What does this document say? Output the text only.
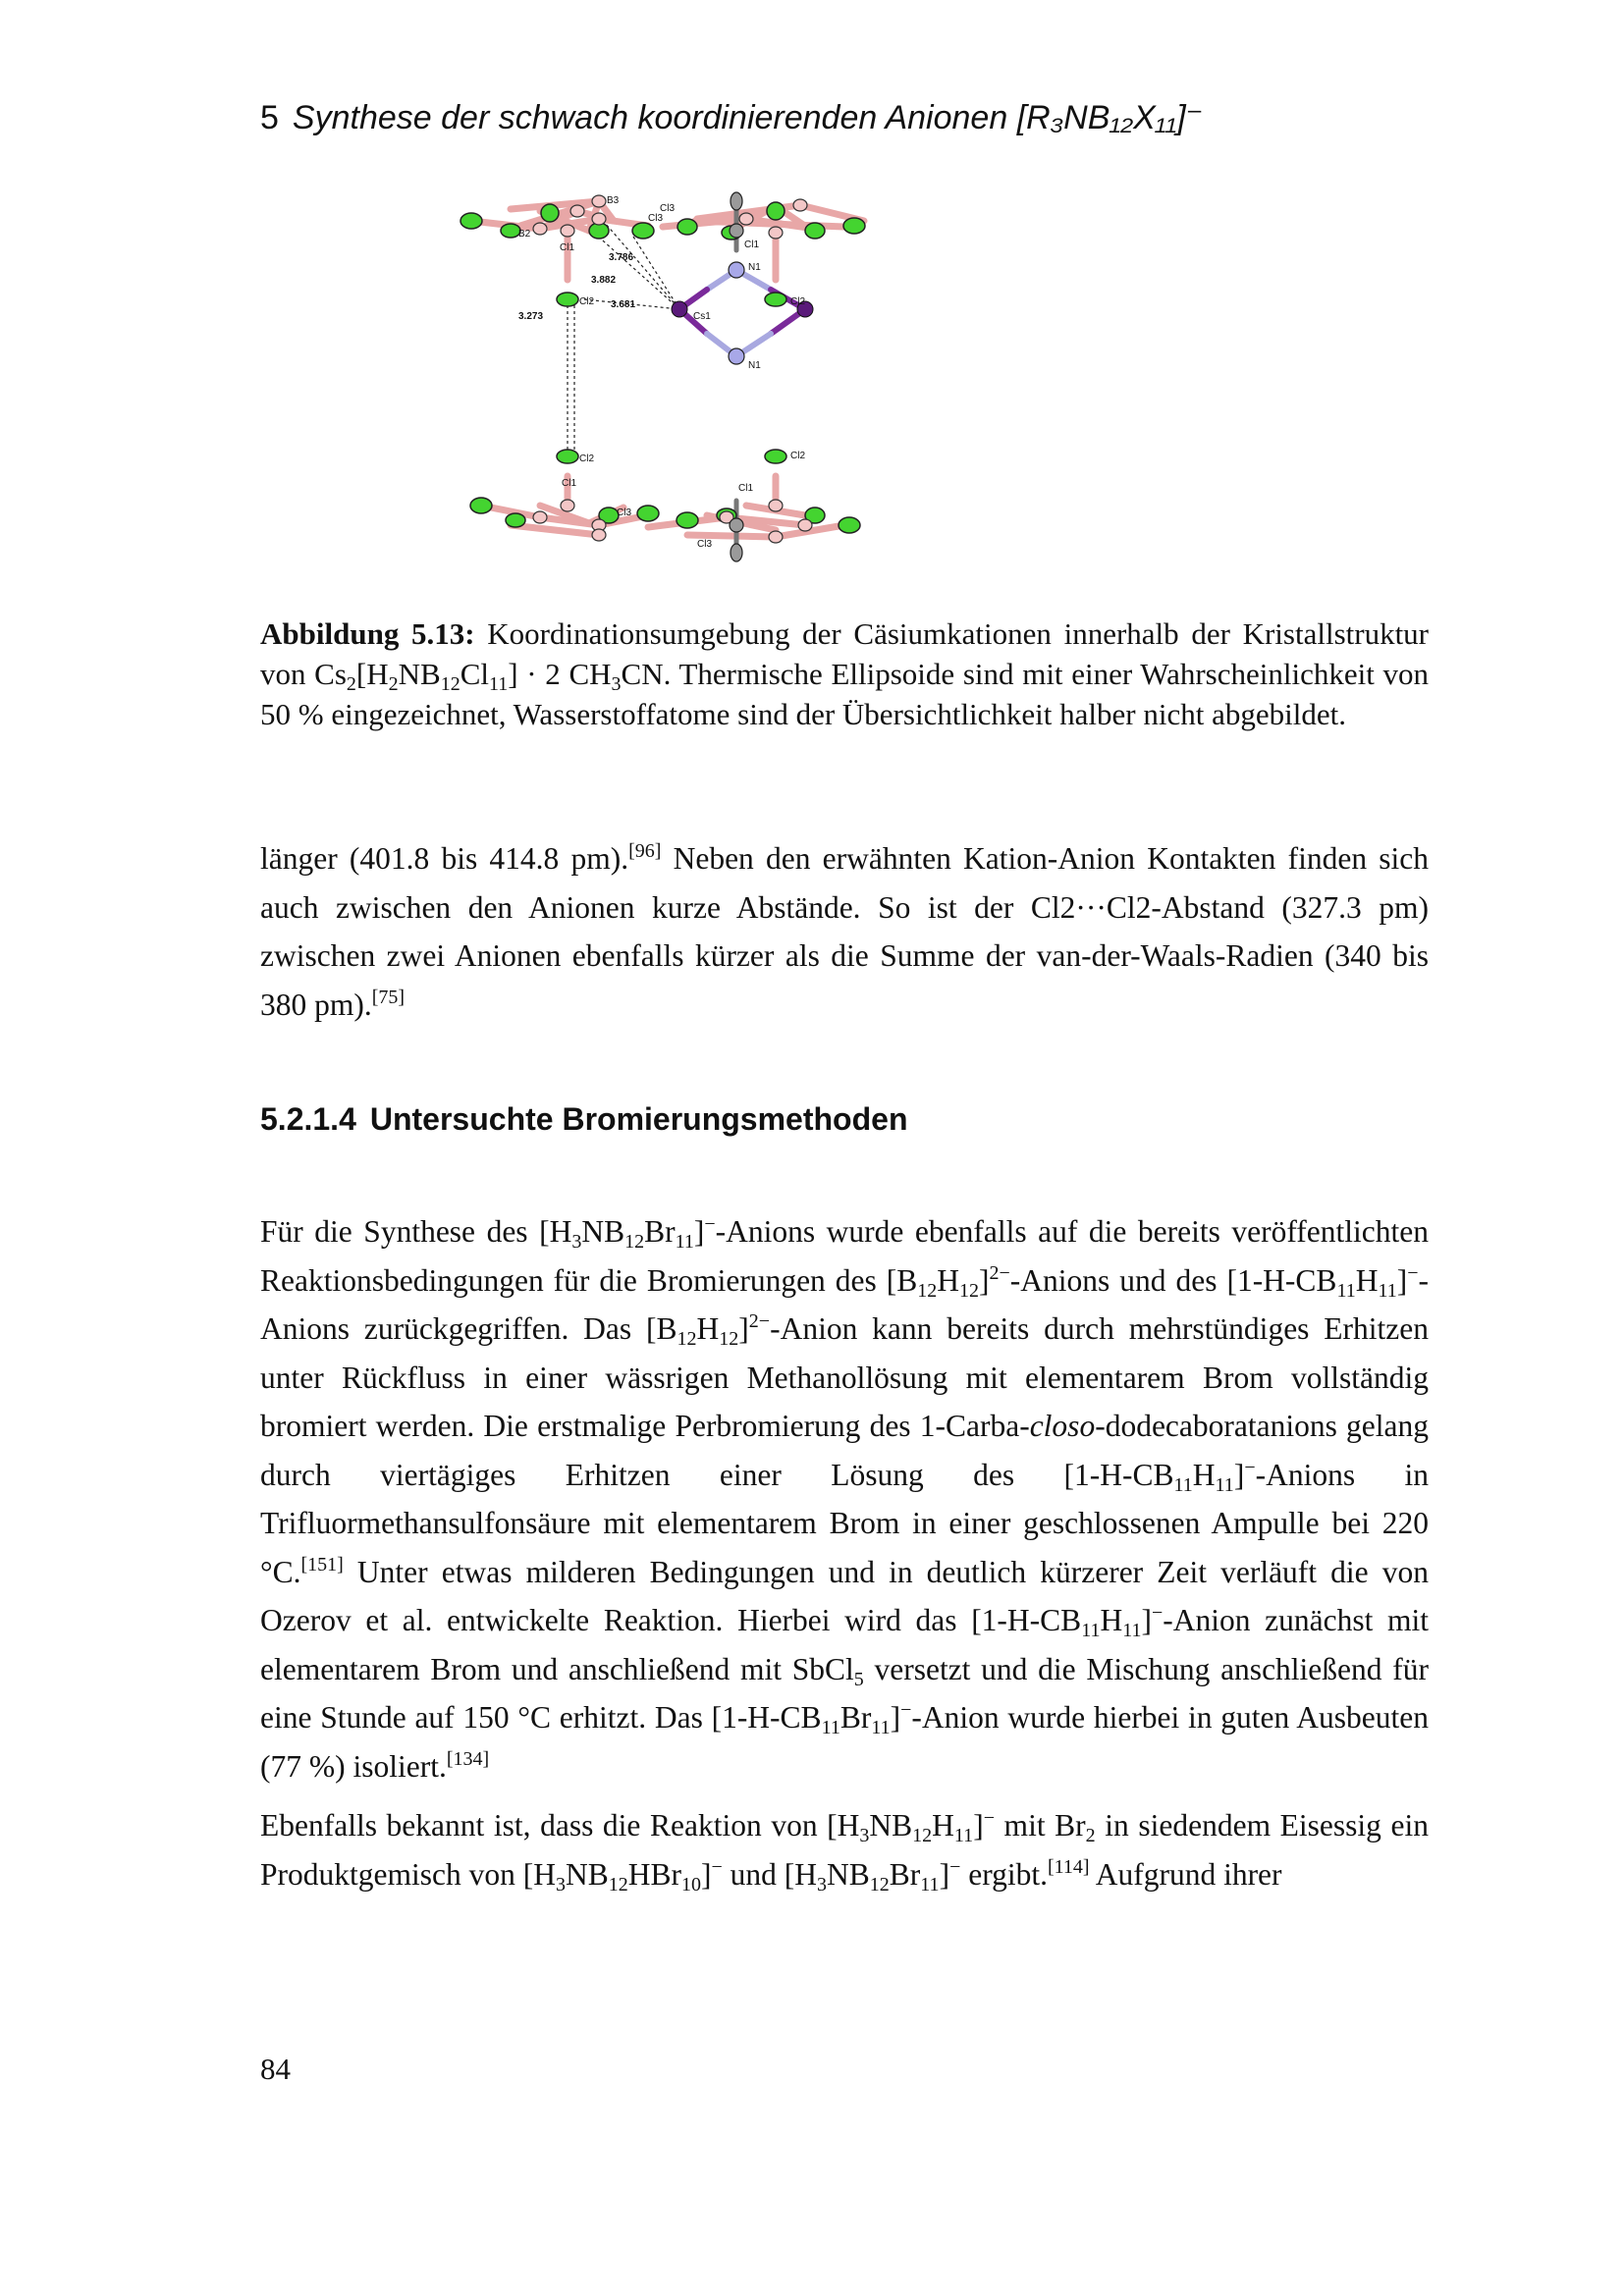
5 Synthese der schwach koordinierenden Anionen [R₃NB₁₂X₁₁]⁻
B3
B2
Cl3
Cl1
Cl2
N1
Cs1
N1
3.786
3.882
3.681
3.273
Cl3
Cl1
Cl2
Cl2
Cl1
Cl3
Cl2
Cl1
Cl3
Abbildung 5.13: Koordinationsumgebung der Cäsiumkationen innerhalb der Kristallstruktur von $Cs_2[H_2NB_{12}Cl_{11}] \cdot 2$ $CH_3CN$. Thermische Ellipsoide sind mit einer Wahrscheinlichkeit von 50 % eingezeichnet, Wasserstoffatome sind der Übersichtlichkeit halber nicht abgebildet.
länger (401.8 bis 414.8 pm).[96] Neben den erwähnten Kation-Anion Kontakten finden sich auch zwischen den Anionen kurze Abstände. So ist der Cl2···Cl2-Abstand (327.3 pm) zwischen zwei Anionen ebenfalls kürzer als die Summe der van-der-Waals-Radien (340 bis 380 pm).[75]
5.2.1.4 Untersuchte Bromierungsmethoden
Für die Synthese des $[H_3NB_{12}Br_{11}]^-$-Anions wurde ebenfalls auf die bereits veröffentlichten Reaktionsbedingungen für die Bromierungen des $[B_{12}H_{12}]^{2-}$-Anions und des $[1-H-CB_{11}H_{11}]^-$-Anions zurückgegriffen. Das $[B_{12}H_{12}]^{2-}$-Anion kann bereits durch mehrstündiges Erhitzen unter Rückfluss in einer wässrigen Methanollösung mit elementarem Brom vollständig bromiert werden. Die erstmalige Perbromierung des 1-Carba-closo-dodecaboratanions gelang durch viertägiges Erhitzen einer Lösung des $[1-H-CB_{11}H_{11}]^-$-Anions in Trifluormethansulfonsäure mit elementarem Brom in einer geschlossenen Ampulle bei 220 °C.[151] Unter etwas milderen Bedingungen und in deutlich kürzerer Zeit verläuft die von Ozerov et al. entwickelte Reaktion. Hierbei wird das $[1-H-CB_{11}H_{11}]^-$-Anion zunächst mit elementarem Brom und anschließend mit SbCl$_5$ versetzt und die Mischung anschließend für eine Stunde auf 150 °C erhitzt. Das $[1-H-CB_{11}Br_{11}]^-$-Anion wurde hierbei in guten Ausbeuten (77 %) isoliert.[134]
Ebenfalls bekannt ist, dass die Reaktion von $[H_3NB_{12}H_{11}]^-$ mit $Br_2$ in siedendem Eisessig ein Produktgemisch von $[H_3NB_{12}HBr_{10}]^-$ und $[H_3NB_{12}Br_{11}]^-$ ergibt.[114] Aufgrund ihrer
84
